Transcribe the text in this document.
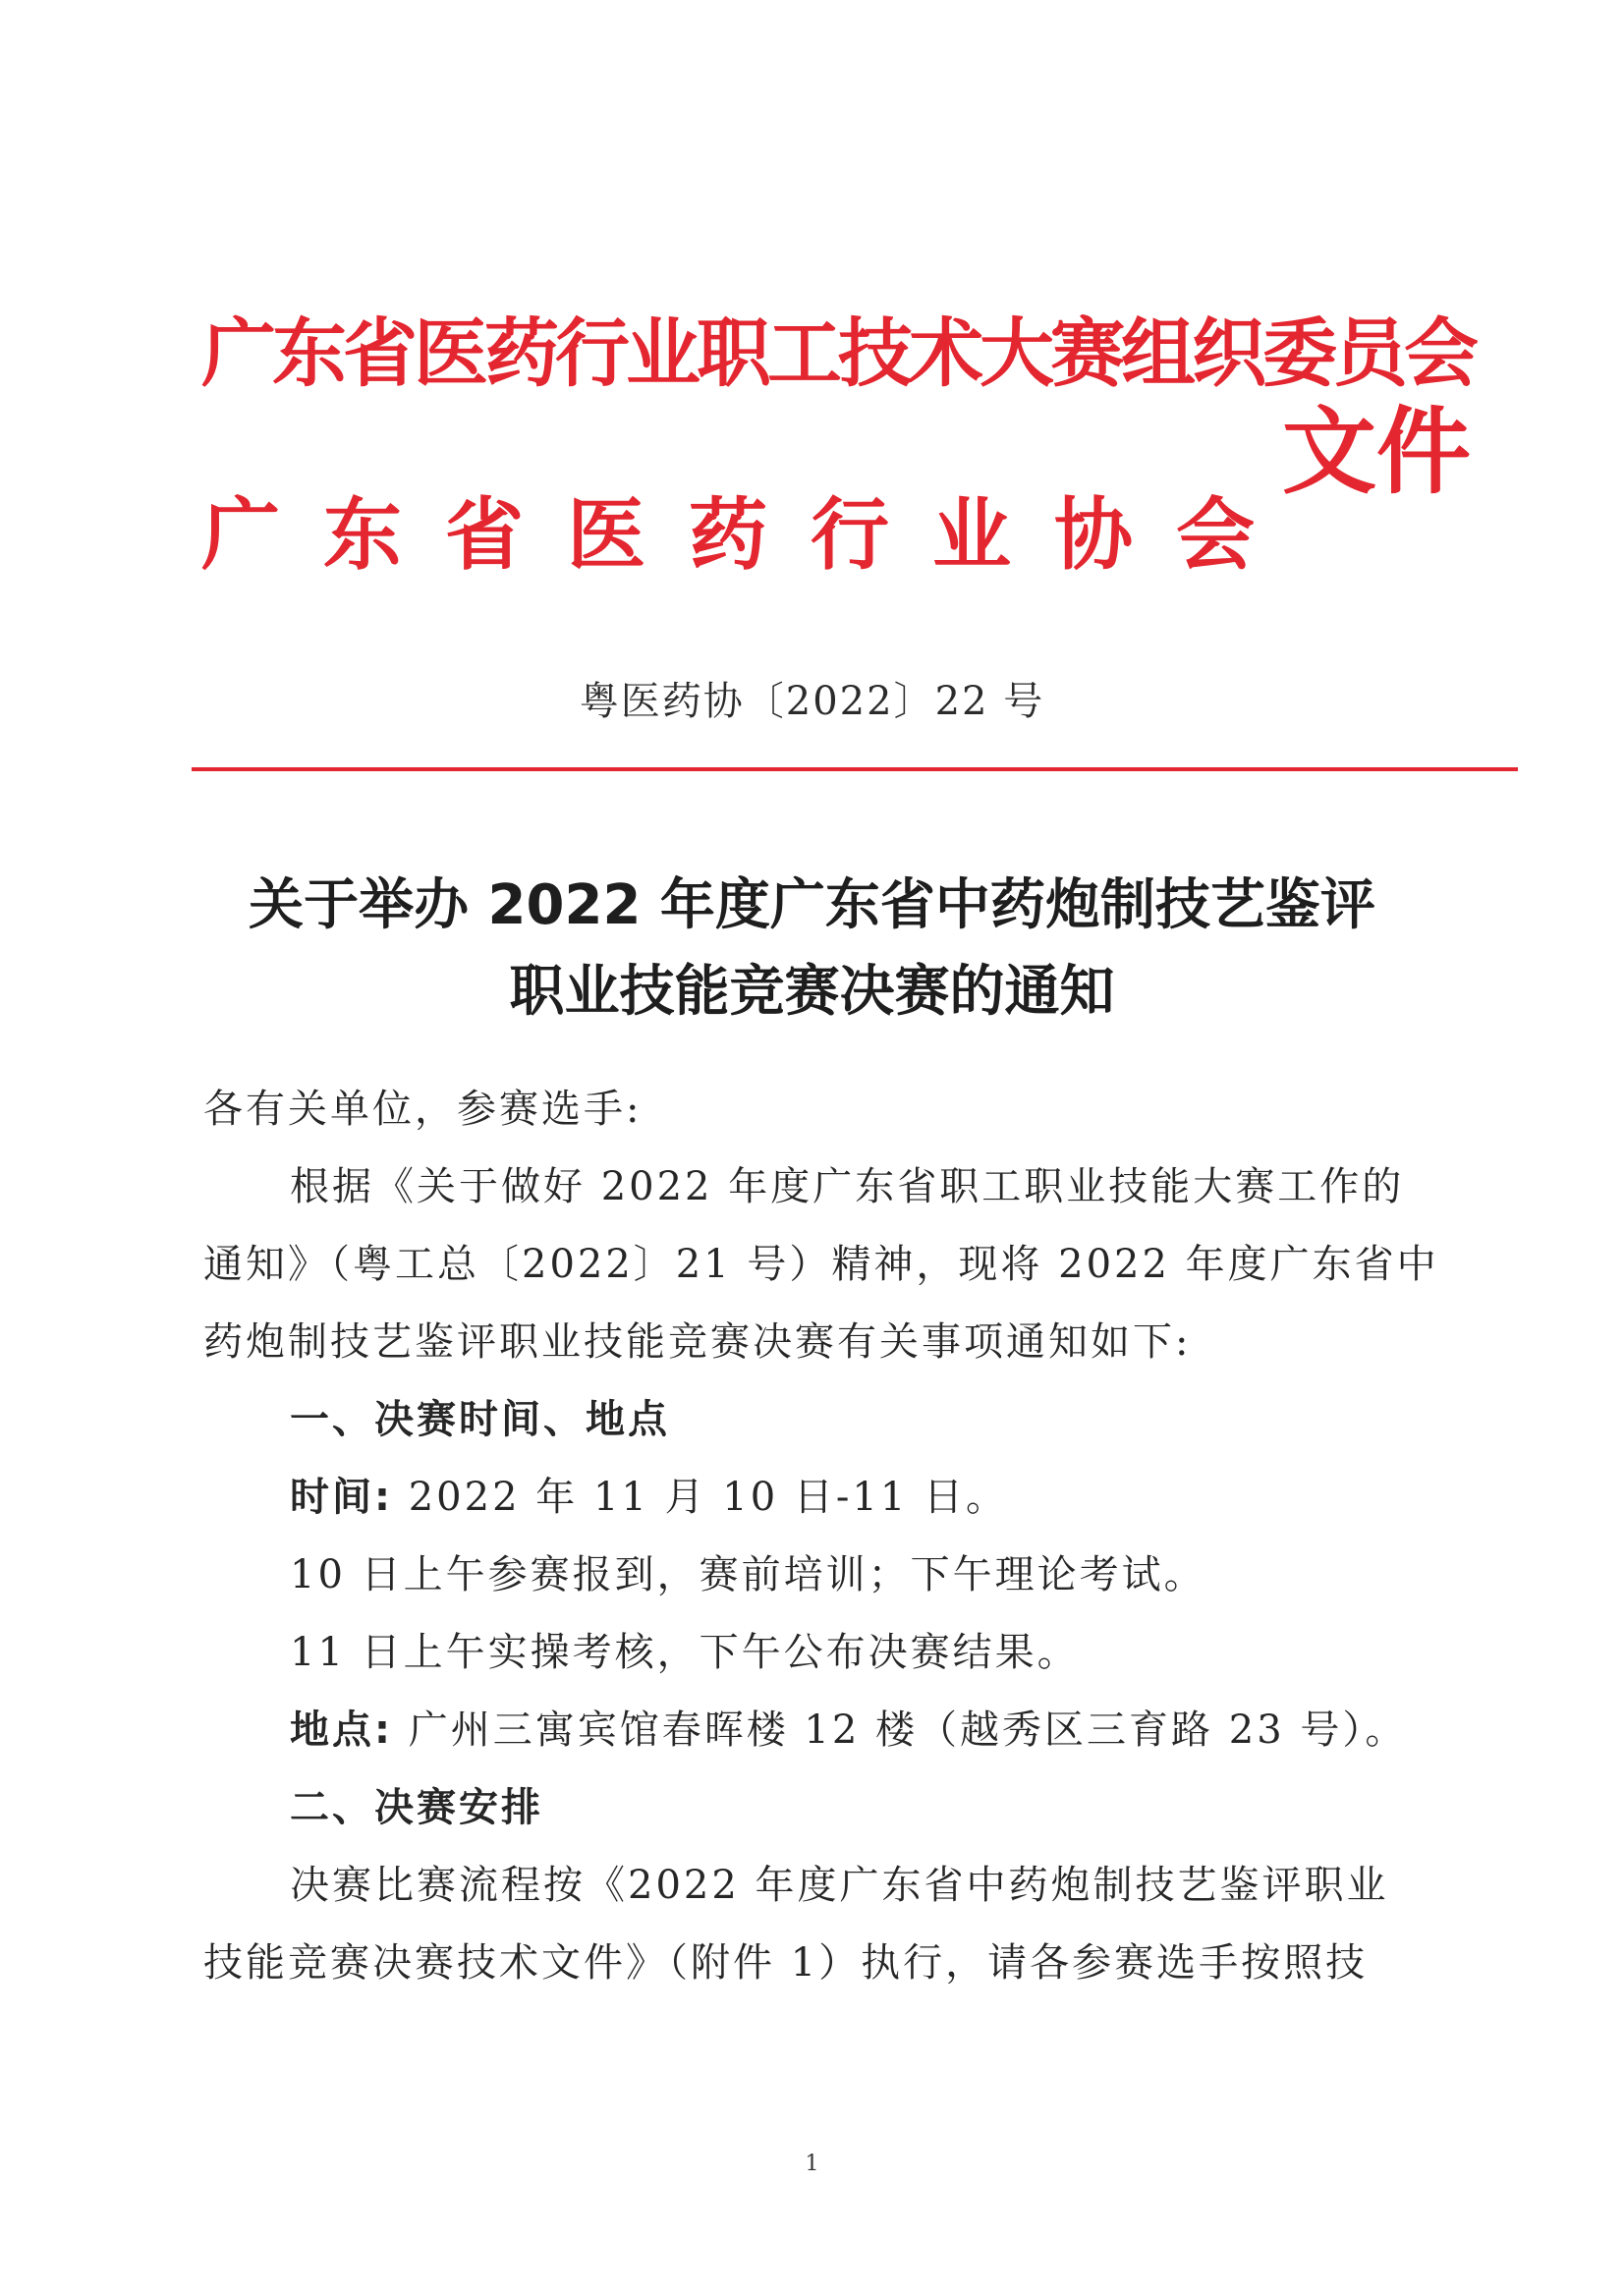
广东省医药行业职工技术大赛组织委员会
广东省医药行业协会
文件
粤医药协〔2022〕22 号
关于举办 2022 年度广东省中药炮制技艺鉴评
职业技能竞赛决赛的通知
各有关单位，参赛选手:
根据《关于做好 2022 年度广东省职工职业技能大赛工作的
通知》（粤工总〔2022〕21 号）精神，现将 2022 年度广东省中
药炮制技艺鉴评职业技能竞赛决赛有关事项通知如下:
一、决赛时间、地点
时间: 2022 年 11 月 10 日-11 日。
10 日上午参赛报到，赛前培训；下午理论考试。
11 日上午实操考核，下午公布决赛结果。
地点: 广州三寓宾馆春晖楼 12 楼（越秀区三育路 23 号）。
二、决赛安排
决赛比赛流程按《2022 年度广东省中药炮制技艺鉴评职业
技能竞赛决赛技术文件》（附件 1）执行，请各参赛选手按照技
1
